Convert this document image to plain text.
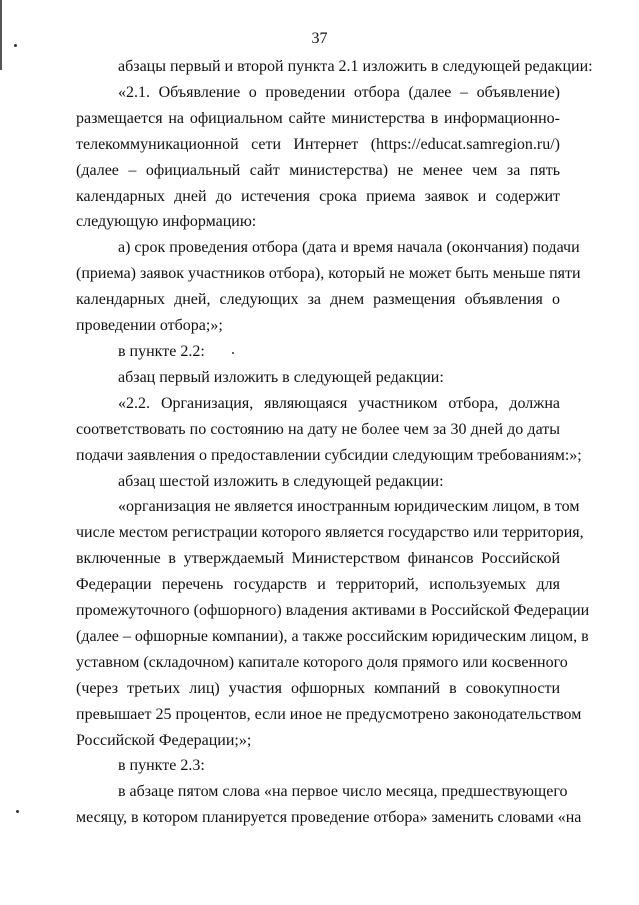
37
абзацы первый и второй пункта 2.1 изложить в следующей редакции:
«2.1. Объявление о проведении отбора (далее – объявление)
размещается на официальном сайте министерства в информационно-
телекоммуникационной сети Интернет (https://educat.samregion.ru/)
(далее – официальный сайт министерства) не менее чем за пять
календарных дней до истечения срока приема заявок и содержит
следующую информацию:
а) срок проведения отбора (дата и время начала (окончания) подачи
(приема) заявок участников отбора), который не может быть меньше пяти
календарных дней, следующих за днем размещения объявления о
проведении отбора;»;
в пункте 2.2:
абзац первый изложить в следующей редакции:
«2.2. Организация, являющаяся участником отбора, должна
соответствовать по состоянию на дату не более чем за 30 дней до даты
подачи заявления о предоставлении субсидии следующим требованиям:»;
абзац шестой изложить в следующей редакции:
«организация не является иностранным юридическим лицом, в том
числе местом регистрации которого является государство или территория,
включенные в утверждаемый Министерством финансов Российской
Федерации перечень государств и территорий, используемых для
промежуточного (офшорного) владения активами в Российской Федерации
(далее – офшорные компании), а также российским юридическим лицом, в
уставном (складочном) капитале которого доля прямого или косвенного
(через третьих лиц) участия офшорных компаний в совокупности
превышает 25 процентов, если иное не предусмотрено законодательством
Российской Федерации;»;
в пункте 2.3:
в абзаце пятом слова «на первое число месяца, предшествующего
месяцу, в котором планируется проведение отбора» заменить словами «на
